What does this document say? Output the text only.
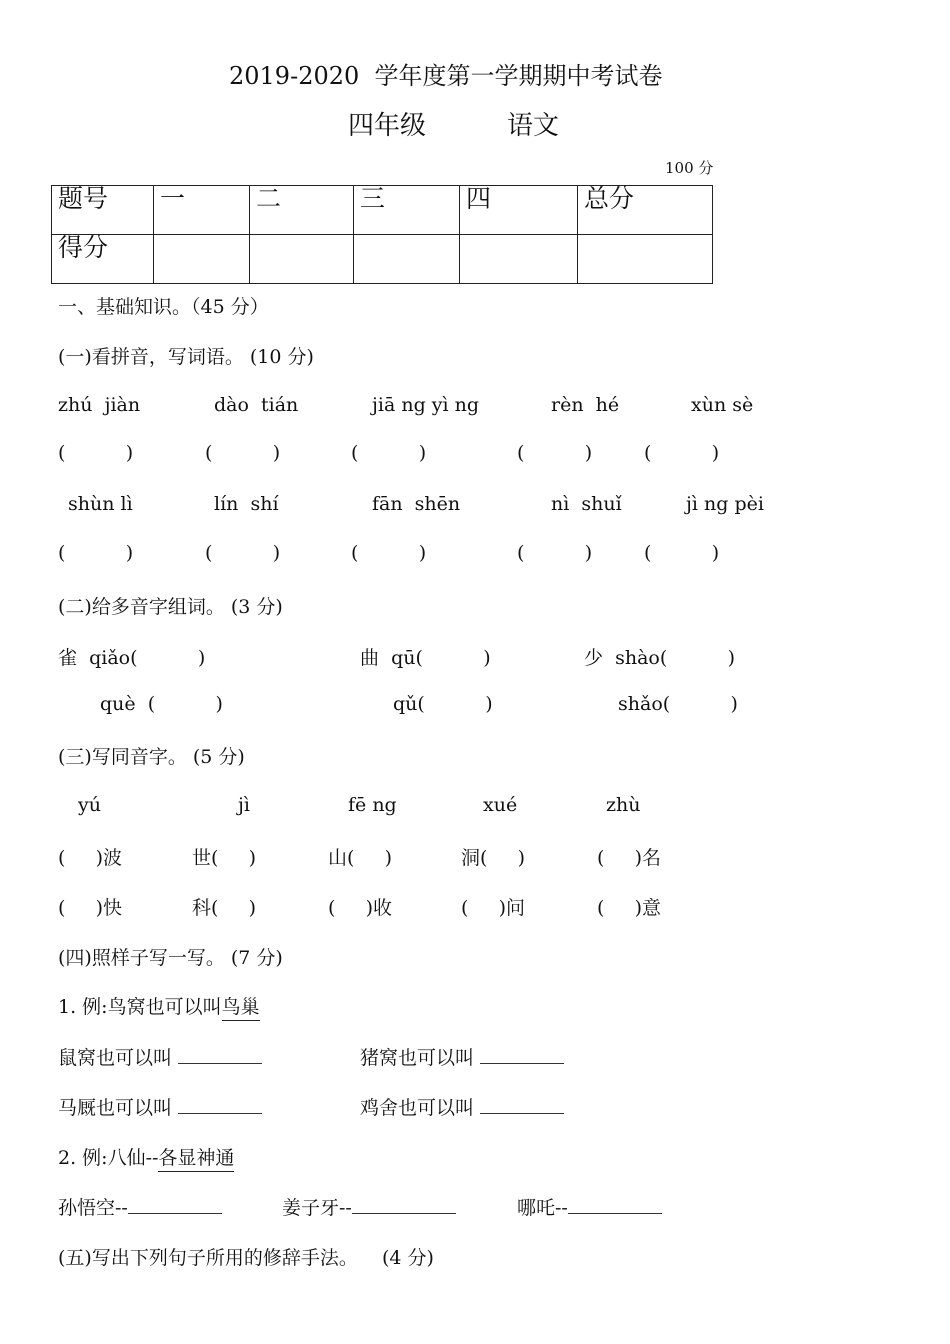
2019-2020  学年度第一学期期中考试卷
四年级	语文
100 分
题号	一	二	三	四	总分
得分					
一、基础知识。（45 分）
(一)看拼音，写词语。 (10 分)
zhú  jiàn	dào  tián	jiā ng yì ng	rèn  hé	xùn sè
(          )	(          )	(          )	(          )	(          )
shùn lì	lín  shí	fān  shēn	nì  shuǐ	jì ng pèi
(          )	(          )	(          )	(          )	(          )
(二)给多音字组词。 (3 分)
雀  qiǎo(          )	曲  qū(          )	少  shào(          )
què  (          )	qǔ(          )	shǎo(          )
(三)写同音字。 (5 分)
yú	jì	fē ng	xué	zhù
(     )波	世(     )	山(     )	洞(     )	(     )名
(     )快	科(     )	(     )收	(     )问	(     )意
(四)照样子写一写。 (7 分)
1. 例:鸟窝也可以叫鸟巢
鼠窝也可以叫	猪窝也可以叫
马厩也可以叫	鸡舍也可以叫
2. 例:八仙--各显神通
孙悟空--	姜子牙--	哪吒--
(五)写出下列句子所用的修辞手法。    (4 分)
